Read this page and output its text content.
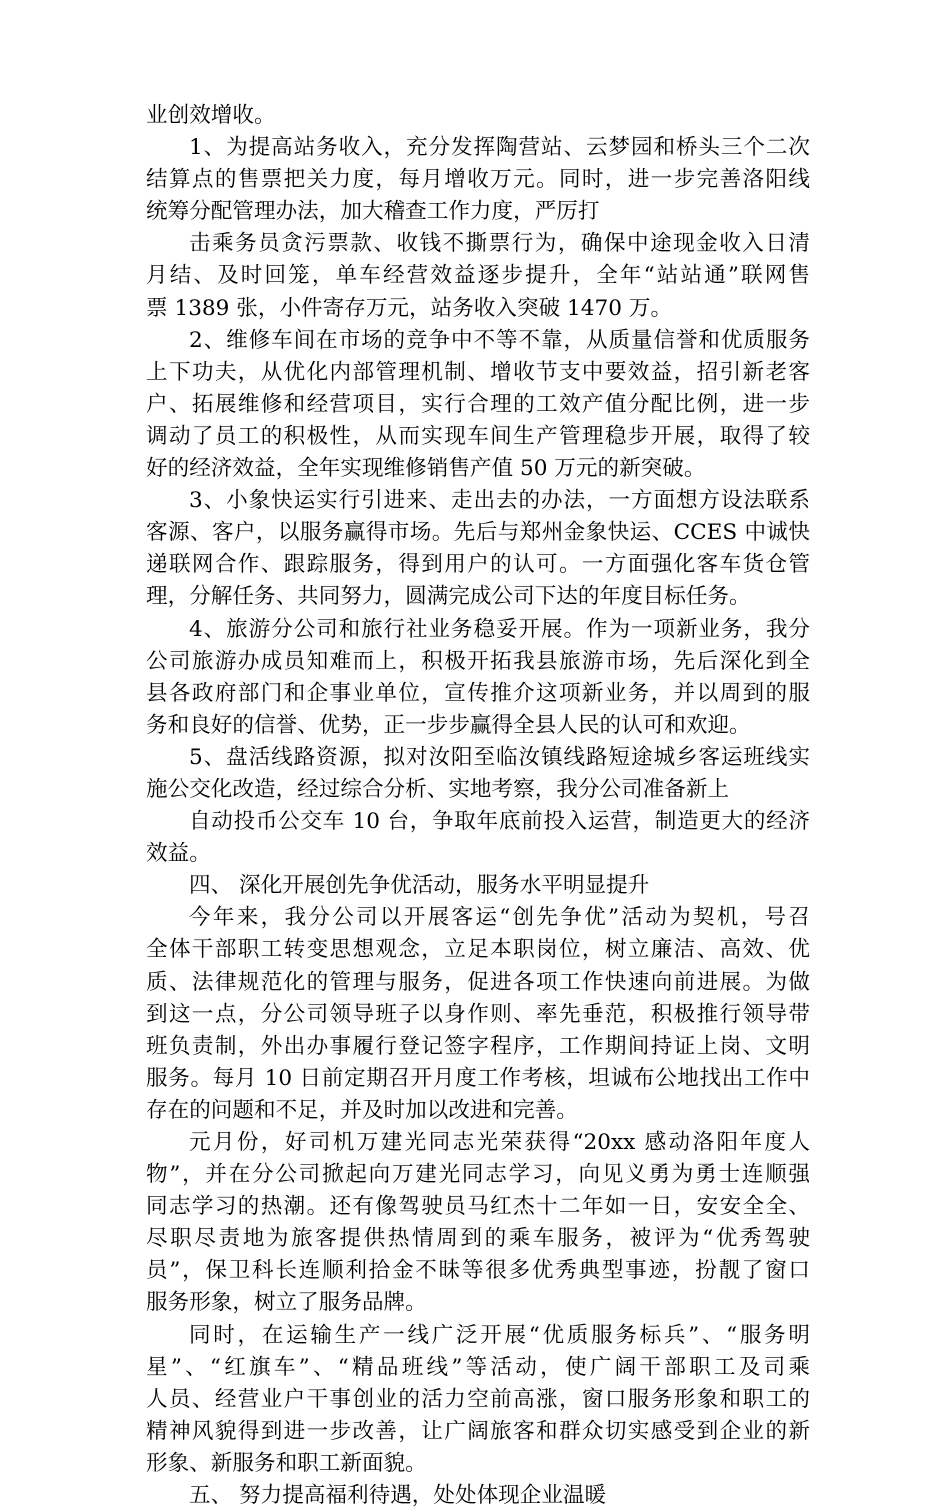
业创效增收。
1、为提高站务收入，充分发挥陶营站、云梦园和桥头三个二次
结算点的售票把关力度，每月增收万元。同时，进一步完善洛阳线
统筹分配管理办法，加大稽查工作力度，严厉打
击乘务员贪污票款、收钱不撕票行为，确保中途现金收入日清
月结、及时回笼，单车经营效益逐步提升，全年“站站通”联网售
票 1389 张，小件寄存万元，站务收入突破 1470 万。
2、维修车间在市场的竞争中不等不靠，从质量信誉和优质服务
上下功夫，从优化内部管理机制、增收节支中要效益，招引新老客
户、拓展维修和经营项目，实行合理的工效产值分配比例，进一步
调动了员工的积极性，从而实现车间生产管理稳步开展，取得了较
好的经济效益，全年实现维修销售产值 50 万元的新突破。
3、小象快运实行引进来、走出去的办法，一方面想方设法联系
客源、客户，以服务赢得市场。先后与郑州金象快运、CCES 中诚快
递联网合作、跟踪服务，得到用户的认可。一方面强化客车货仓管
理，分解任务、共同努力，圆满完成公司下达的年度目标任务。
4、旅游分公司和旅行社业务稳妥开展。作为一项新业务，我分
公司旅游办成员知难而上，积极开拓我县旅游市场，先后深化到全
县各政府部门和企事业单位，宣传推介这项新业务，并以周到的服
务和良好的信誉、优势，正一步步赢得全县人民的认可和欢迎。
5、盘活线路资源，拟对汝阳至临汝镇线路短途城乡客运班线实
施公交化改造，经过综合分析、实地考察，我分公司准备新上
自动投币公交车 10 台，争取年底前投入运营，制造更大的经济
效益。
四、 深化开展创先争优活动，服务水平明显提升
今年来，我分公司以开展客运“创先争优”活动为契机，号召
全体干部职工转变思想观念，立足本职岗位，树立廉洁、高效、优
质、法律规范化的管理与服务，促进各项工作快速向前进展。为做
到这一点，分公司领导班子以身作则、率先垂范，积极推行领导带
班负责制，外出办事履行登记签字程序，工作期间持证上岗、文明
服务。每月 10 日前定期召开月度工作考核，坦诚布公地找出工作中
存在的问题和不足，并及时加以改进和完善。
元月份，好司机万建光同志光荣获得“20xx 感动洛阳年度人
物”，并在分公司掀起向万建光同志学习，向见义勇为勇士连顺强
同志学习的热潮。还有像驾驶员马红杰十二年如一日，安安全全、
尽职尽责地为旅客提供热情周到的乘车服务，被评为“优秀驾驶
员”，保卫科长连顺利拾金不昧等很多优秀典型事迹，扮靓了窗口
服务形象，树立了服务品牌。
同时，在运输生产一线广泛开展“优质服务标兵”、“服务明
星”、“红旗车”、“精品班线”等活动，使广阔干部职工及司乘
人员、经营业户干事创业的活力空前高涨，窗口服务形象和职工的
精神风貌得到进一步改善，让广阔旅客和群众切实感受到企业的新
形象、新服务和职工新面貌。
五、 努力提高福利待遇，处处体现企业温暖
